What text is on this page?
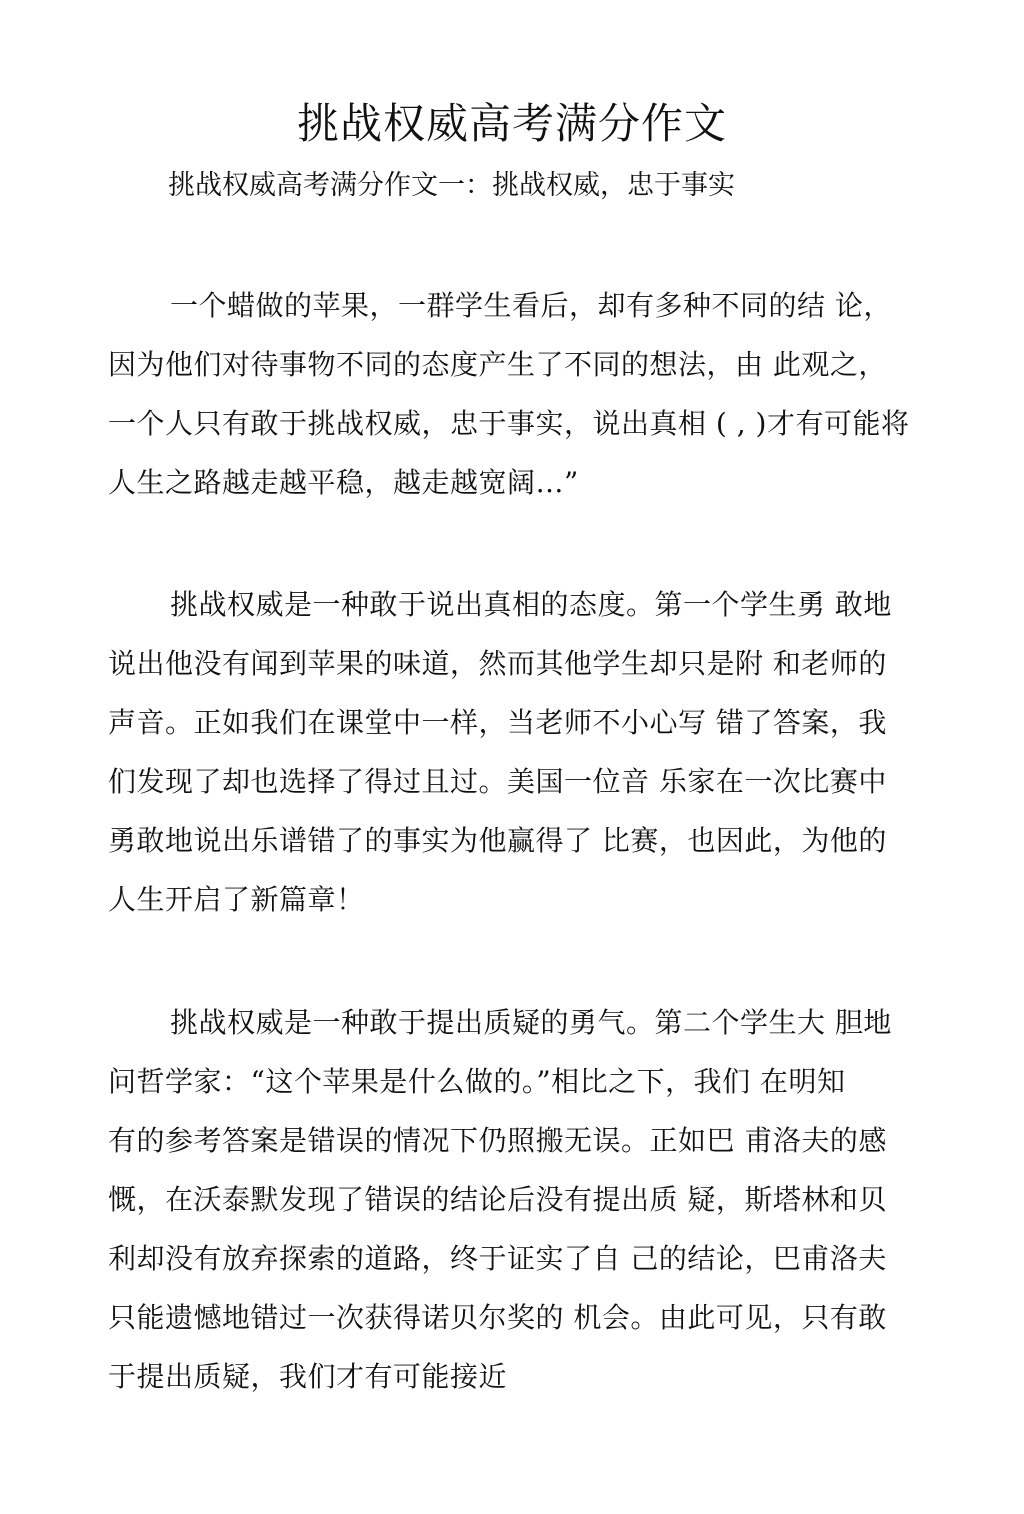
挑战权威高考满分作文

挑战权威高考满分作文一：挑战权威，忠于事实

一个蜡做的苹果，一群学生看后，却有多种不同的结 论，
因为他们对待事物不同的态度产生了不同的想法，由 此观之，
一个人只有敢于挑战权威，忠于事实，说出真相 ( , )才有可能将
人生之路越走越平稳，越走越宽阔…”
挑战权威是一种敢于说出真相的态度。第一个学生勇 敢地
说出他没有闻到苹果的味道，然而其他学生却只是附 和老师的
声音。正如我们在课堂中一样，当老师不小心写 错了答案，我
们发现了却也选择了得过且过。美国一位音 乐家在一次比赛中
勇敢地说出乐谱错了的事实为他赢得了 比赛，也因此，为他的
人生开启了新篇章！
挑战权威是一种敢于提出质疑的勇气。第二个学生大 胆地
问哲学家：“这个苹果是什么做的。”相比之下，我们 在明知
有的参考答案是错误的情况下仍照搬无误。正如巴 甫洛夫的感
慨，在沃泰默发现了错误的结论后没有提出质 疑，斯塔林和贝
利却没有放弃探索的道路，终于证实了自 己的结论，巴甫洛夫
只能遗憾地错过一次获得诺贝尔奖的 机会。由此可见，只有敢
于提出质疑，我们才有可能接近
